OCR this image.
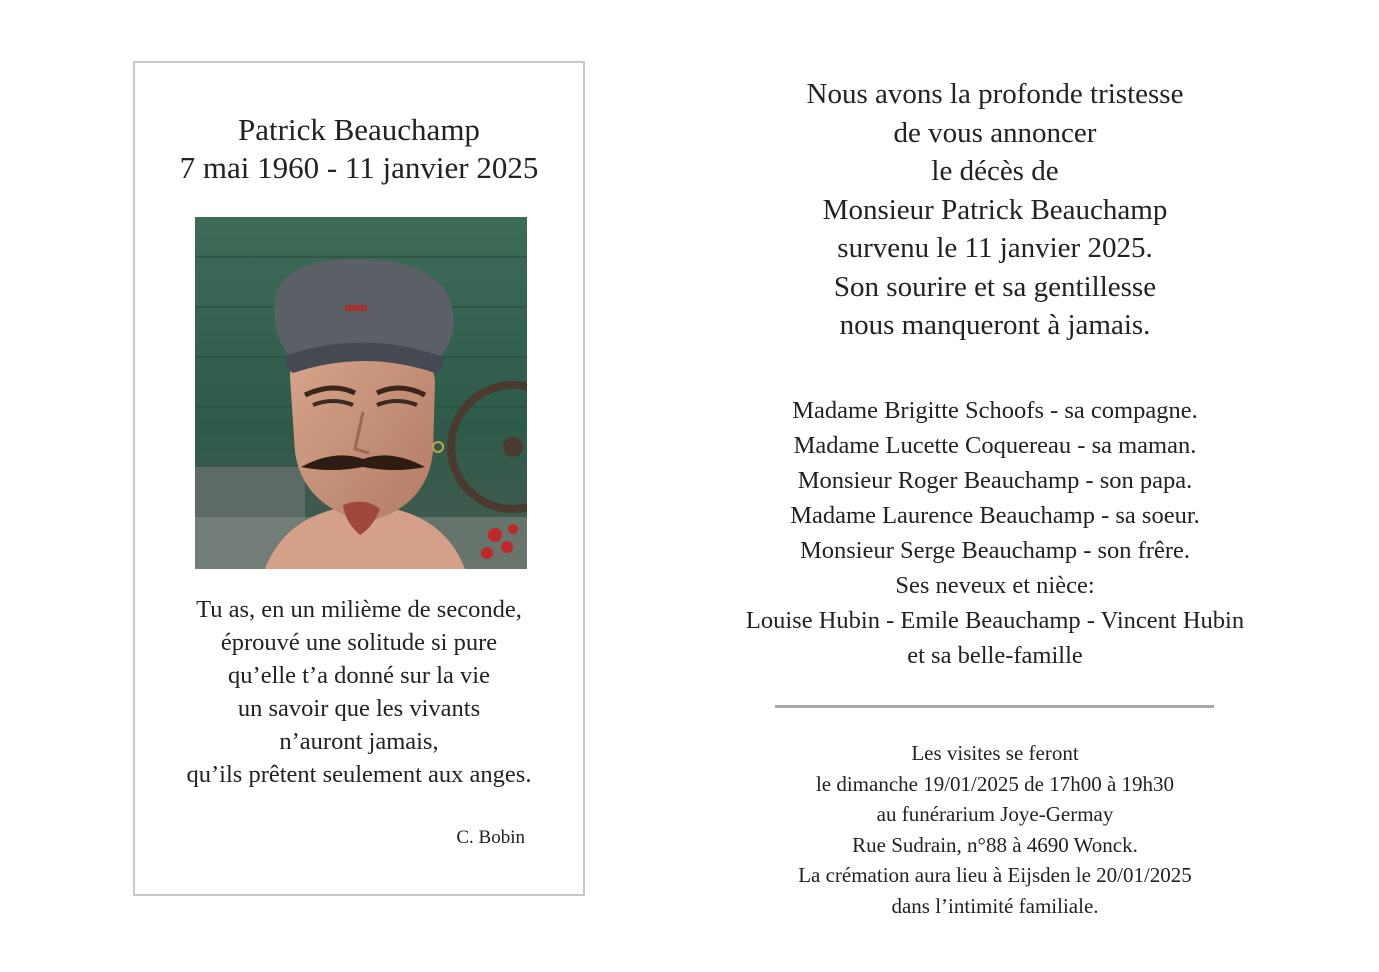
Patrick Beauchamp
7 mai 1960 - 11 janvier 2025
Tu as, en un milième de seconde,
éprouvé une solitude si pure
qu’elle t’a donné sur la vie
un savoir que les vivants
n’auront jamais,
qu’ils prêtent seulement aux anges.
C. Bobin
Nous avons la profonde tristesse
de vous annoncer
le décès de
Monsieur Patrick Beauchamp
survenu le 11 janvier 2025.
Son sourire et sa gentillesse
nous manqueront à jamais.
Madame Brigitte Schoofs - sa compagne.
Madame Lucette Coquereau - sa maman.
Monsieur Roger Beauchamp - son papa.
Madame Laurence Beauchamp - sa soeur.
Monsieur Serge Beauchamp - son frêre.
Ses neveux et nièce:
Louise Hubin - Emile Beauchamp - Vincent Hubin
et sa belle-famille
Les visites se feront
le dimanche 19/01/2025 de 17h00 à 19h30
au funérarium Joye-Germay
Rue Sudrain, n°88 à 4690 Wonck.
La crémation aura lieu à Eijsden le 20/01/2025
dans l’intimité familiale.
